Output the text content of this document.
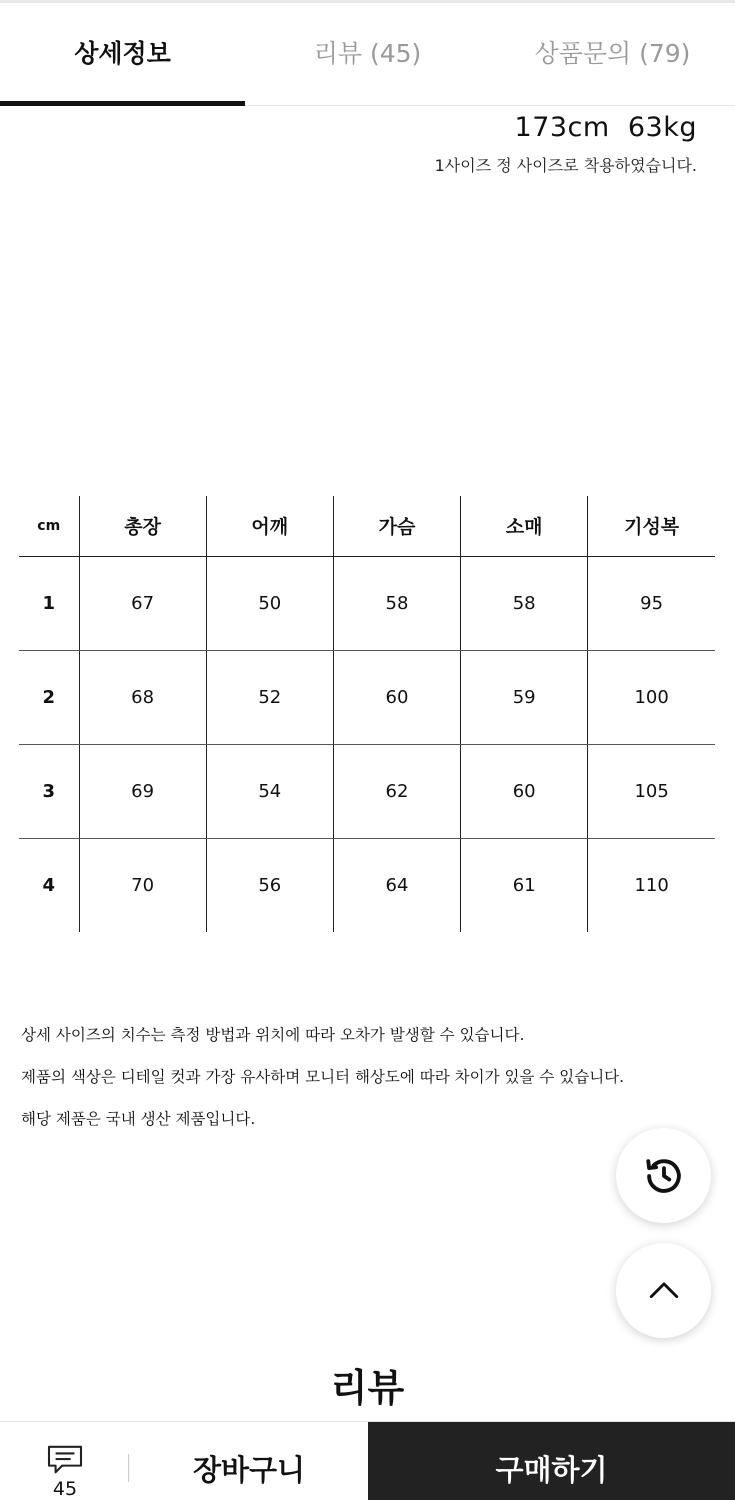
상세정보	리뷰 (45)	상품문의 (79)
173cm  63kg
1사이즈 정 사이즈로 착용하였습니다.
cm	총장	어깨	가슴	소매	기성복
1	67	50	58	58	95
2	68	52	60	59	100
3	69	54	62	60	105
4	70	56	64	61	110

상세 사이즈의 치수는 측정 방법과 위치에 따라 오차가 발생할 수 있습니다.

제품의 색상은 디테일 컷과 가장 유사하며 모니터 해상도에 따라 차이가 있을 수 있습니다.

해당 제품은 국내 생산 제품입니다.

리뷰
45
장바구니	구매하기
